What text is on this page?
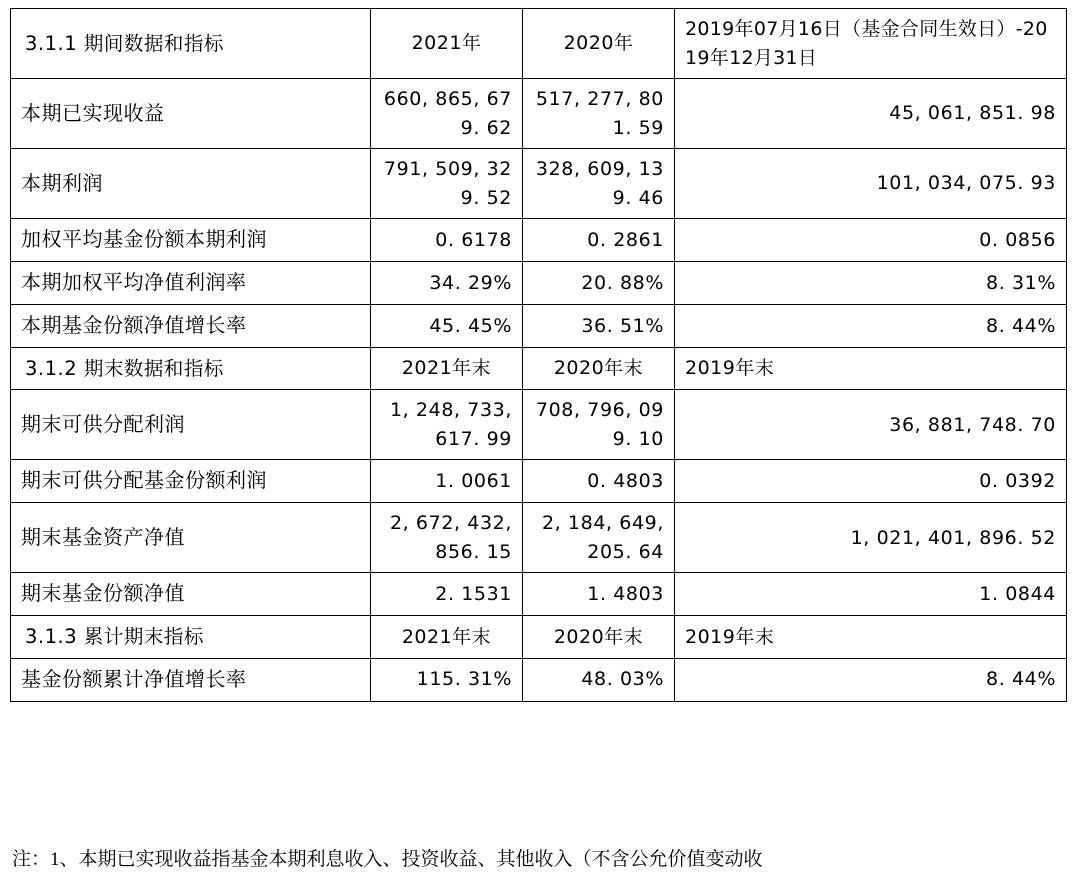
3.1.1 期间数据和指标	2021年	2020年	2019年07月16日（基金合同生效日）-2019年12月31日
本期已实现收益	660, 865, 679. 62	517, 277, 801. 59	45, 061, 851. 98
本期利润	791, 509, 329. 52	328, 609, 139. 46	101, 034, 075. 93
加权平均基金份额本期利润	0. 6178	0. 2861	0. 0856
本期加权平均净值利润率	34. 29%	20. 88%	8. 31%
本期基金份额净值增长率	45. 45%	36. 51%	8. 44%
3.1.2 期末数据和指标	2021年末	2020年末	2019年末
期末可供分配利润	1, 248, 733, 617. 99	708, 796, 099. 10	36, 881, 748. 70
期末可供分配基金份额利润	1. 0061	0. 4803	0. 0392
期末基金资产净值	2, 672, 432, 856. 15	2, 184, 649, 205. 64	1, 021, 401, 896. 52
期末基金份额净值	2. 1531	1. 4803	1. 0844
3.1.3 累计期末指标	2021年末	2020年末	2019年末
基金份额累计净值增长率	115. 31%	48. 03%	8. 44%
注：1、本期已实现收益指基金本期利息收入、投资收益、其他收入（不含公允价值变动收
